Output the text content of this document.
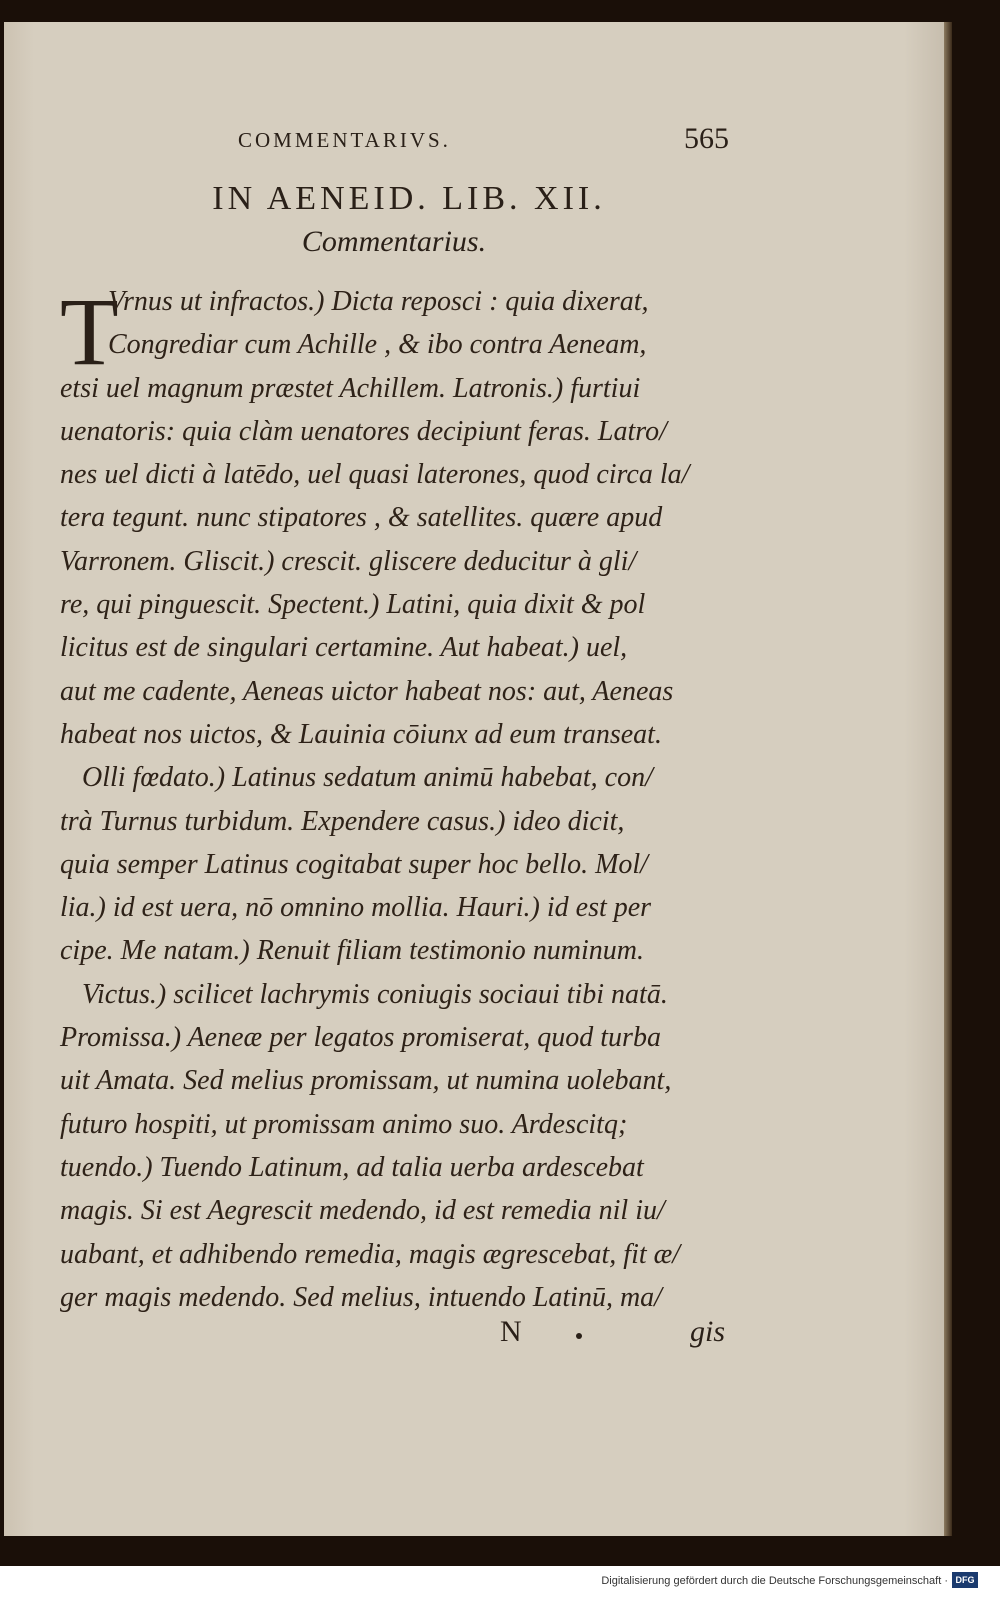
COMMENTARIVS.	565
IN AENEID. LIB. XII.
Commentarius.
T
Vrnus ut infractos.) Dicta reposci : quia dixerat,
Congrediar cum Achille , & ibo contra Aeneam,
etsi uel magnum præstet Achillem. Latronis.) furtiui
uenatoris: quia clàm uenatores decipiunt feras. Latro/
nes uel dicti à latēdo, uel quasi laterones, quod circa la/
tera tegunt. nunc stipatores , & satellites. quære apud
Varronem. Gliscit.) crescit. gliscere deducitur à gli/
re, qui pinguescit. Spectent.) Latini, quia dixit & pol
licitus est de singulari certamine. Aut habeat.) uel,
aut me cadente, Aeneas uictor habeat nos: aut, Aeneas
habeat nos uictos, & Lauinia cōiunx ad eum transeat.
Olli fœdato.) Latinus sedatum animū habebat, con/
trà Turnus turbidum. Expendere casus.) ideo dicit,
quia semper Latinus cogitabat super hoc bello. Mol/
lia.) id est uera, nō omnino mollia. Hauri.) id est per
cipe. Me natam.) Renuit filiam testimonio numinum.
Victus.) scilicet lachrymis coniugis sociaui tibi natā.
Promissa.) Aeneæ per legatos promiserat, quod turba
uit Amata. Sed melius promissam, ut numina uolebant,
futuro hospiti, ut promissam animo suo. Ardescitq;
tuendo.) Tuendo Latinum, ad talia uerba ardescebat
magis. Si est Aegrescit medendo, id est remedia nil iu/
uabant, et adhibendo remedia, magis ægrescebat, fit æ/
ger magis medendo. Sed melius, intuendo Latinū, ma/
N	gis
Digitalisierung gefördert durch die Deutsche Forschungsgemeinschaft · DFG
